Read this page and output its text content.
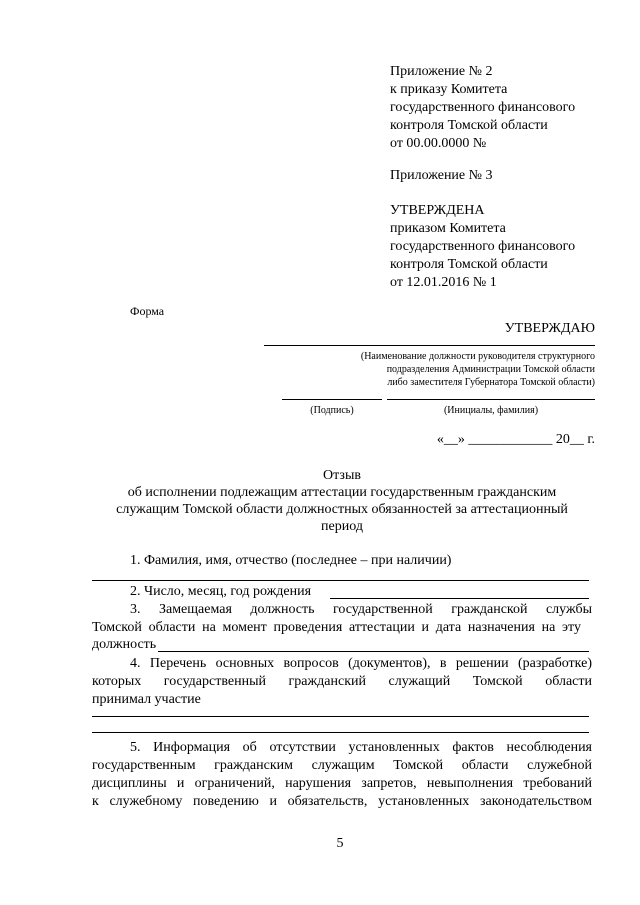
Приложение № 2

к приказу Комитета

государственного финансового

контроля Томской области

от 00.00.0000 №

Приложение № 3

УТВЕРЖДЕНА

приказом Комитета

государственного финансового

контроля Томской области

от 12.01.2016 № 1

Форма

УТВЕРЖДАЮ

(Наименование должности руководителя структурного

подразделения Администрации Томской области

либо заместителя Губернатора Томской области)

(Подпись)	(Инициалы, фамилия)

«__» ____________ 20__ г.

Отзыв

об исполнении подлежащим аттестации государственным гражданским

служащим Томской области должностных обязанностей за аттестационный

период

1. Фамилия, имя, отчество (последнее – при наличии)

2. Число, месяц, год рождения

3. Замещаемая должность государственной гражданской службы

Томской области на момент проведения аттестации и дата назначения на эту

должность

4. Перечень основных вопросов (документов), в решении (разработке)

которых государственный гражданский служащий Томской области

принимал участие

5. Информация об отсутствии установленных фактов несоблюдения

государственным гражданским служащим Томской области служебной

дисциплины и ограничений, нарушения запретов, невыполнения требований

к служебному поведению и обязательств, установленных законодательством

5
